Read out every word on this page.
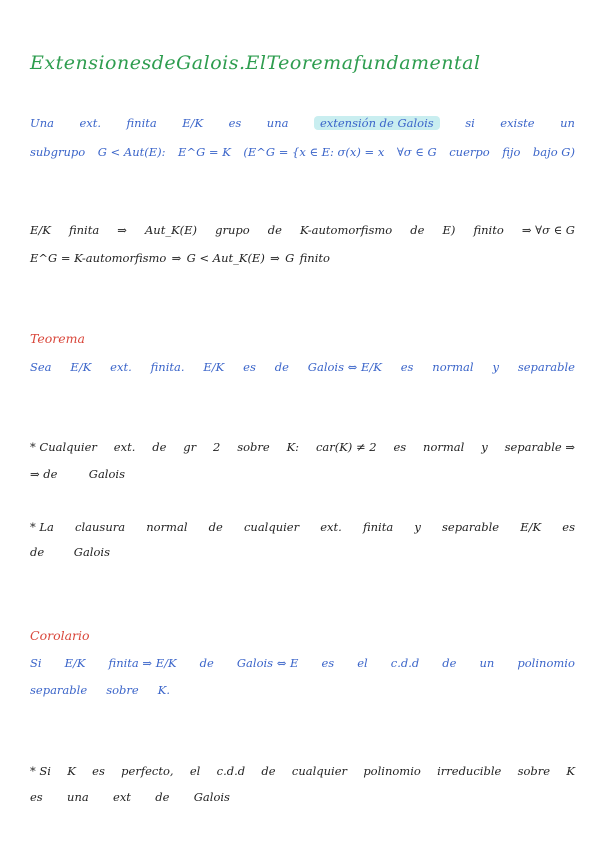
Extensiones de Galois. El Teorema fundamental
Una ext. finita E/K es una	extensión de Galois	si existe un
subgrupo G < Aut(E): E^G = K (E^G = {x ∈ E: σ(x) = x ∀σ ∈ G cuerpo fijo bajo G)
E/K finita ⇒ Aut_K(E) grupo de K-automorfismo de E) finito ⇒ ∀σ ∈ G
E^G = K-automorfismo ⇒ G < Aut_K(E) ⇒ G finito
Teorema
Sea E/K ext. finita. E/K es de Galois ⇔ E/K es normal y separable
* Cualquier ext. de gr 2 sobre K: car(K) ≠ 2 es normal y separable ⇒
⇒ de	Galois
* La clausura normal de cualquier ext. finita y separable E/K es
de	Galois
Corolario
Si E/K finita ⇒ E/K de Galois ⇔ E es el c.d.d de un polinomio
separable sobre K.
* Si K es perfecto, el c.d.d de cualquier polinomio irreducible sobre K
es una ext de Galois
